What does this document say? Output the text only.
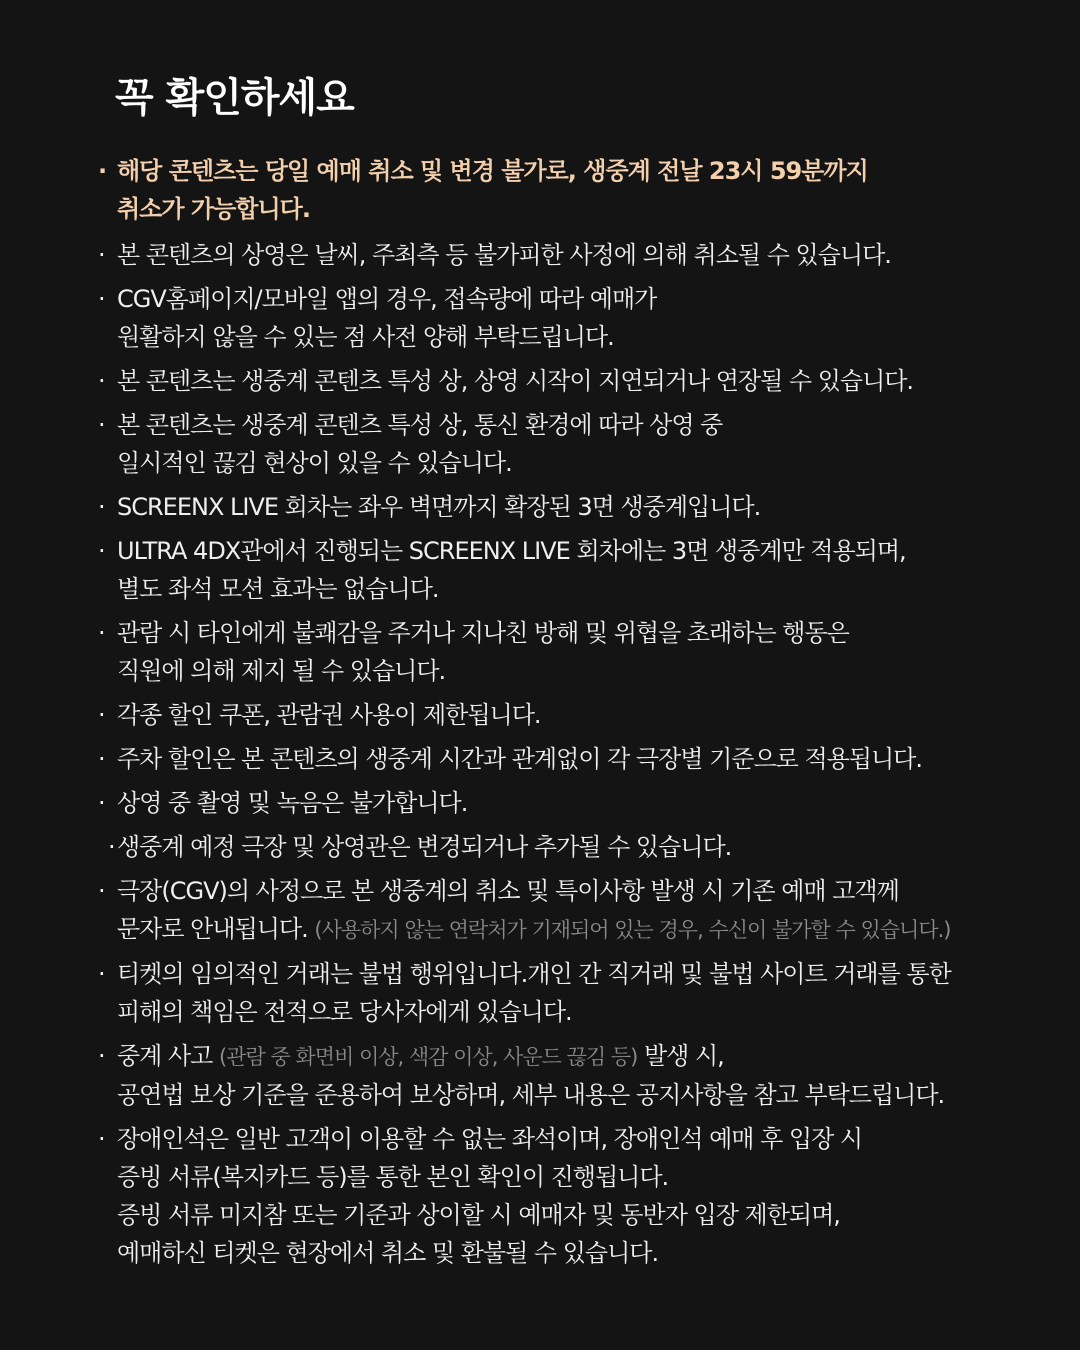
꼭 확인하세요
· 해당 콘텐츠는 당일 예매 취소 및 변경 불가로, 생중계 전날 23시 59분까지
취소가 가능합니다.
· 본 콘텐츠의 상영은 날씨, 주최측 등 불가피한 사정에 의해 취소될 수 있습니다.
· CGV홈페이지/모바일 앱의 경우, 접속량에 따라 예매가
원활하지 않을 수 있는 점 사전 양해 부탁드립니다.
· 본 콘텐츠는 생중계 콘텐츠 특성 상, 상영 시작이 지연되거나 연장될 수 있습니다.
· 본 콘텐츠는 생중계 콘텐츠 특성 상, 통신 환경에 따라 상영 중
일시적인 끊김 현상이 있을 수 있습니다.
· SCREENX LIVE 회차는 좌우 벽면까지 확장된 3면 생중계입니다.
· ULTRA 4DX관에서 진행되는 SCREENX LIVE 회차에는 3면 생중계만 적용되며,
별도 좌석 모션 효과는 없습니다.
· 관람 시 타인에게 불쾌감을 주거나 지나친 방해 및 위협을 초래하는 행동은
직원에 의해 제지 될 수 있습니다.
· 각종 할인 쿠폰, 관람권 사용이 제한됩니다.
· 주차 할인은 본 콘텐츠의 생중계 시간과 관계없이 각 극장별 기준으로 적용됩니다.
· 상영 중 촬영 및 녹음은 불가합니다.
· 생중계 예정 극장 및 상영관은 변경되거나 추가될 수 있습니다.
· 극장(CGV)의 사정으로 본 생중계의 취소 및 특이사항 발생 시 기존 예매 고객께
문자로 안내됩니다. (사용하지 않는 연락처가 기재되어 있는 경우, 수신이 불가할 수 있습니다.)
· 티켓의 임의적인 거래는 불법 행위입니다.개인 간 직거래 및 불법 사이트 거래를 통한
피해의 책임은 전적으로 당사자에게 있습니다.
· 중계 사고 (관람 중 화면비 이상, 색감 이상, 사운드 끊김 등) 발생 시,
공연법 보상 기준을 준용하여 보상하며, 세부 내용은 공지사항을 참고 부탁드립니다.
· 장애인석은 일반 고객이 이용할 수 없는 좌석이며, 장애인석 예매 후 입장 시
증빙 서류(복지카드 등)를 통한 본인 확인이 진행됩니다.
증빙 서류 미지참 또는 기준과 상이할 시 예매자 및 동반자 입장 제한되며,
예매하신 티켓은 현장에서 취소 및 환불될 수 있습니다.
